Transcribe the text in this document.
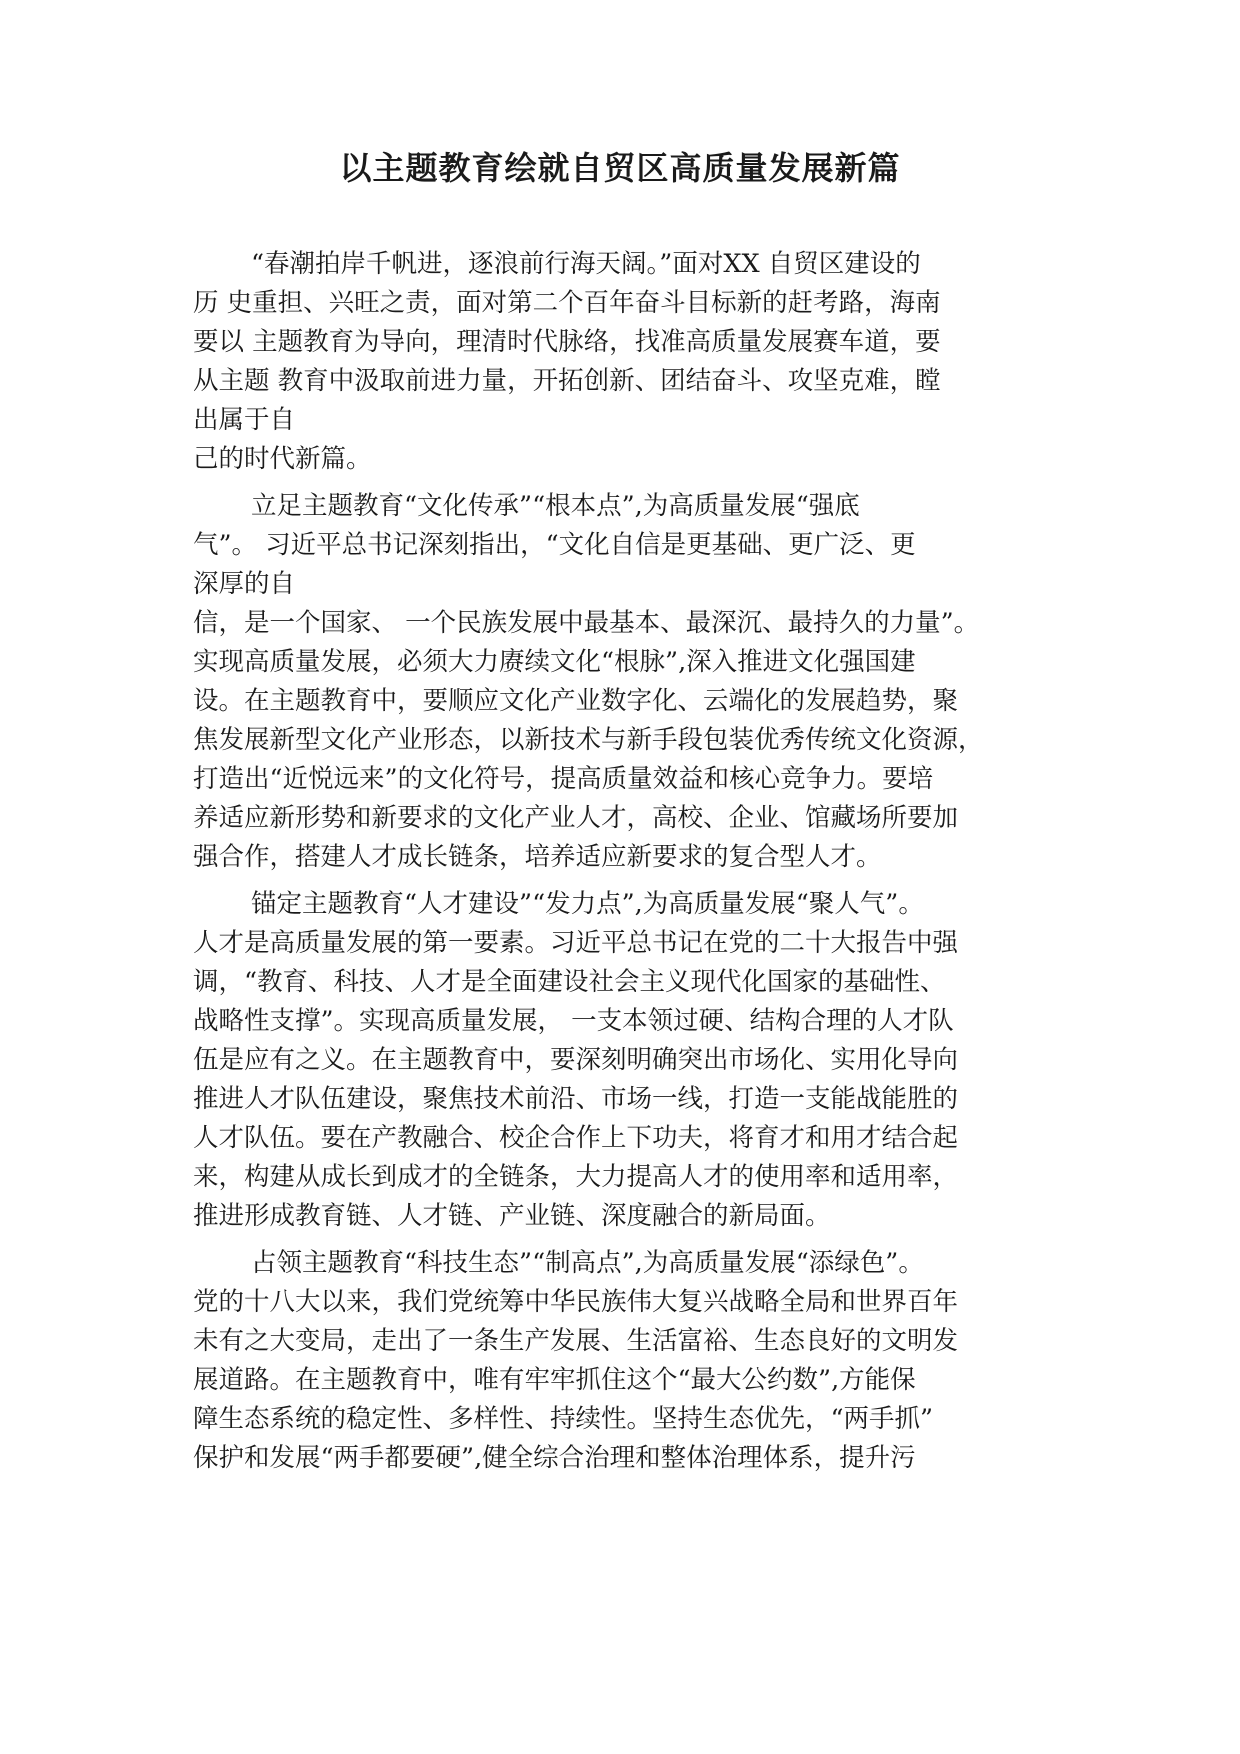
以主题教育绘就自贸区高质量发展新篇

“春潮拍岸千帆进，逐浪前行海天阔。”面对XX 自贸区建设的
历 史重担、兴旺之责，面对第二个百年奋斗目标新的赶考路，海南
要以 主题教育为导向，理清时代脉络，找准高质量发展赛车道，要
从主题 教育中汲取前进力量，开拓创新、团结奋斗、攻坚克难，瞠
出属于自
己的时代新篇。

立足主题教育“文化传承”“根本点”,为高质量发展“强底
气”。 习近平总书记深刻指出，“文化自信是更基础、更广泛、更
深厚的自
信，是一个国家、 一个民族发展中最基本、最深沉、最持久的力量”。
实现高质量发展，必须大力赓续文化“根脉”,深入推进文化强国建
设。在主题教育中，要顺应文化产业数字化、云端化的发展趋势，聚
焦发展新型文化产业形态，以新技术与新手段包装优秀传统文化资源，
打造出“近悦远来”的文化符号，提高质量效益和核心竞争力。要培
养适应新形势和新要求的文化产业人才，高校、企业、馆藏场所要加
强合作，搭建人才成长链条，培养适应新要求的复合型人才。

锚定主题教育“人才建设”“发力点”,为高质量发展“聚人气”。
人才是高质量发展的第一要素。习近平总书记在党的二十大报告中强
调，“教育、科技、人才是全面建设社会主义现代化国家的基础性、
战略性支撑”。实现高质量发展， 一支本领过硬、结构合理的人才队
伍是应有之义。在主题教育中，要深刻明确突出市场化、实用化导向
推进人才队伍建设，聚焦技术前沿、市场一线，打造一支能战能胜的
人才队伍。要在产教融合、校企合作上下功夫，将育才和用才结合起
来，构建从成长到成才的全链条，大力提高人才的使用率和适用率，
推进形成教育链、人才链、产业链、深度融合的新局面。

占领主题教育“科技生态”“制高点”,为高质量发展“添绿色”。
党的十八大以来，我们党统筹中华民族伟大复兴战略全局和世界百年
未有之大变局，走出了一条生产发展、生活富裕、生态良好的文明发
展道路。在主题教育中，唯有牢牢抓住这个“最大公约数”,方能保
障生态系统的稳定性、多样性、持续性。坚持生态优先，“两手抓”
保护和发展“两手都要硬”,健全综合治理和整体治理体系，提升污
